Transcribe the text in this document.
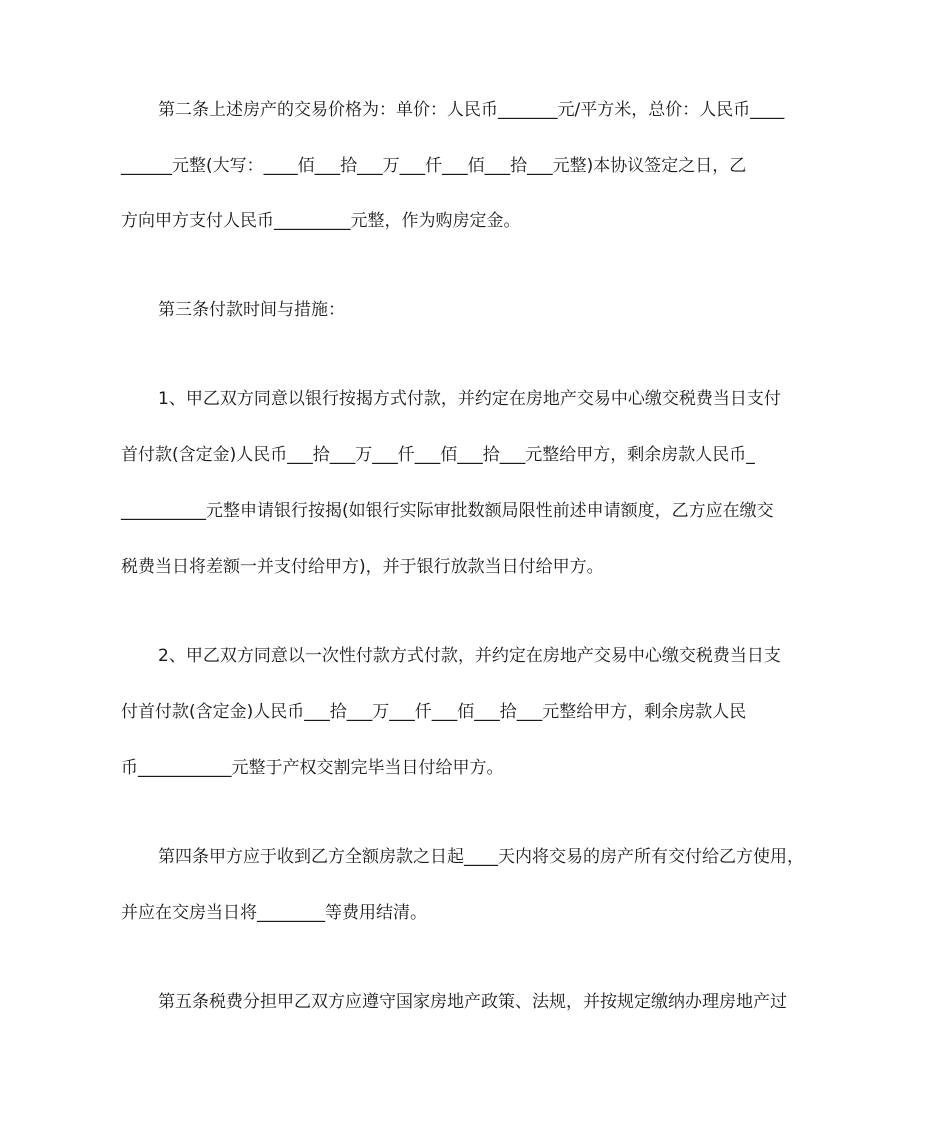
第二条上述房产的交易价格为：单价：人民币_______元/平方米，总价：人民币____
______元整(大写：____佰___拾___万___仟___佰___拾___元整)本协议签定之日，乙
方向甲方支付人民币_________元整，作为购房定金。
第三条付款时间与措施：
1、甲乙双方同意以银行按揭方式付款，并约定在房地产交易中心缴交税费当日支付
首付款(含定金)人民币___拾___万___仟___佰___拾___元整给甲方，剩余房款人民币_
__________元整申请银行按揭(如银行实际审批数额局限性前述申请额度，乙方应在缴交
税费当日将差额一并支付给甲方)，并于银行放款当日付给甲方。
2、甲乙双方同意以一次性付款方式付款，并约定在房地产交易中心缴交税费当日支
付首付款(含定金)人民币___拾___万___仟___佰___拾___元整给甲方，剩余房款人民
币___________元整于产权交割完毕当日付给甲方。
第四条甲方应于收到乙方全额房款之日起____天内将交易的房产所有交付给乙方使用，
并应在交房当日将________等费用结清。
第五条税费分担甲乙双方应遵守国家房地产政策、法规，并按规定缴纳办理房地产过
